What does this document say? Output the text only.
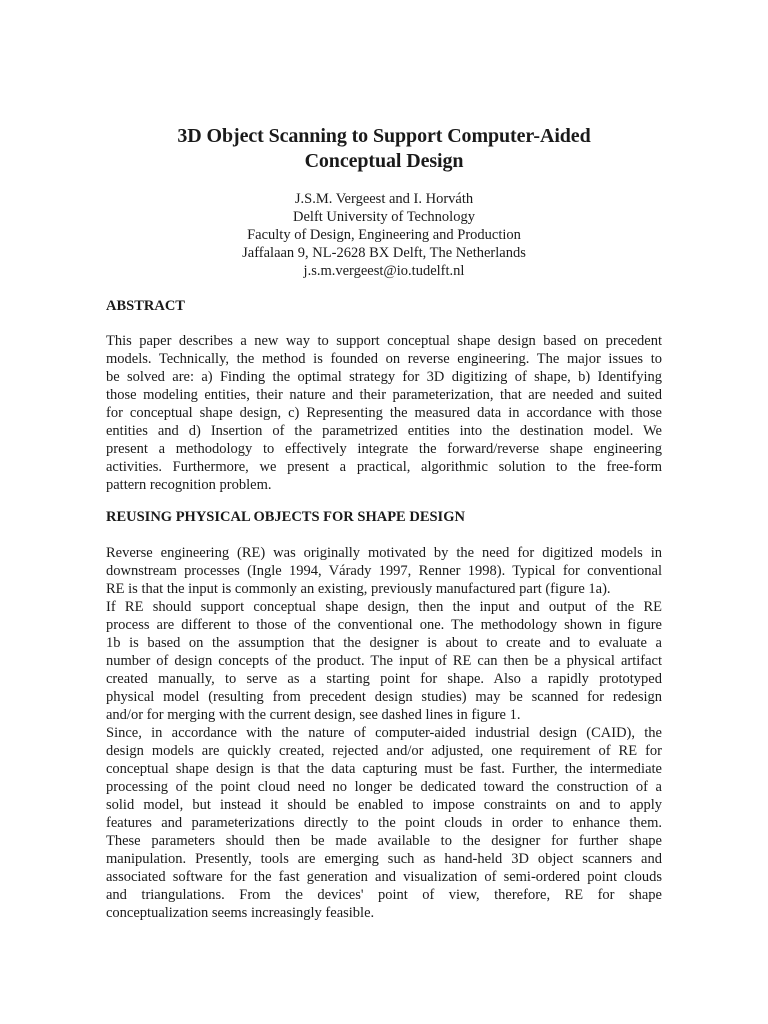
3D Object Scanning to Support Computer-Aided
Conceptual Design
J.S.M. Vergeest and I. Horváth
Delft University of Technology
Faculty of Design, Engineering and Production
Jaffalaan 9, NL-2628 BX Delft, The Netherlands
j.s.m.vergeest@io.tudelft.nl
ABSTRACT
This paper describes a new way to support conceptual shape design based on precedent
models. Technically, the method is founded on reverse engineering. The major issues to
be solved are: a) Finding the optimal strategy for 3D digitizing of shape, b) Identifying
those modeling entities, their nature and their parameterization, that are needed and suited
for conceptual shape design, c) Representing the measured data in accordance with those
entities and d) Insertion of the parametrized entities into the destination model. We
present a methodology to effectively integrate the forward/reverse shape engineering
activities. Furthermore, we present a practical, algorithmic solution to the free-form
pattern recognition problem.
REUSING PHYSICAL OBJECTS FOR SHAPE DESIGN
Reverse engineering (RE) was originally motivated by the need for digitized models in
downstream processes (Ingle 1994, Várady 1997, Renner 1998). Typical for conventional
RE is that the input is commonly an existing, previously manufactured part (figure 1a).
If RE should support conceptual shape design, then the input and output of the RE
process are different to those of the conventional one. The methodology shown in figure
1b is based on the assumption that the designer is about to create and to evaluate a
number of design concepts of the product. The input of RE can then be a physical artifact
created manually, to serve as a starting point for shape. Also a rapidly prototyped
physical model (resulting from precedent design studies) may be scanned for redesign
and/or for merging with the current design, see dashed lines in figure 1.
Since, in accordance with the nature of computer-aided industrial design (CAID), the
design models are quickly created, rejected and/or adjusted, one requirement of RE for
conceptual shape design is that the data capturing must be fast. Further, the intermediate
processing of the point cloud need no longer be dedicated toward the construction of a
solid model, but instead it should be enabled to impose constraints on and to apply
features and parameterizations directly to the point clouds in order to enhance them.
These parameters should then be made available to the designer for further shape
manipulation. Presently, tools are emerging such as hand-held 3D object scanners and
associated software for the fast generation and visualization of semi-ordered point clouds
and triangulations. From the devices' point of view, therefore, RE for shape
conceptualization seems increasingly feasible.
